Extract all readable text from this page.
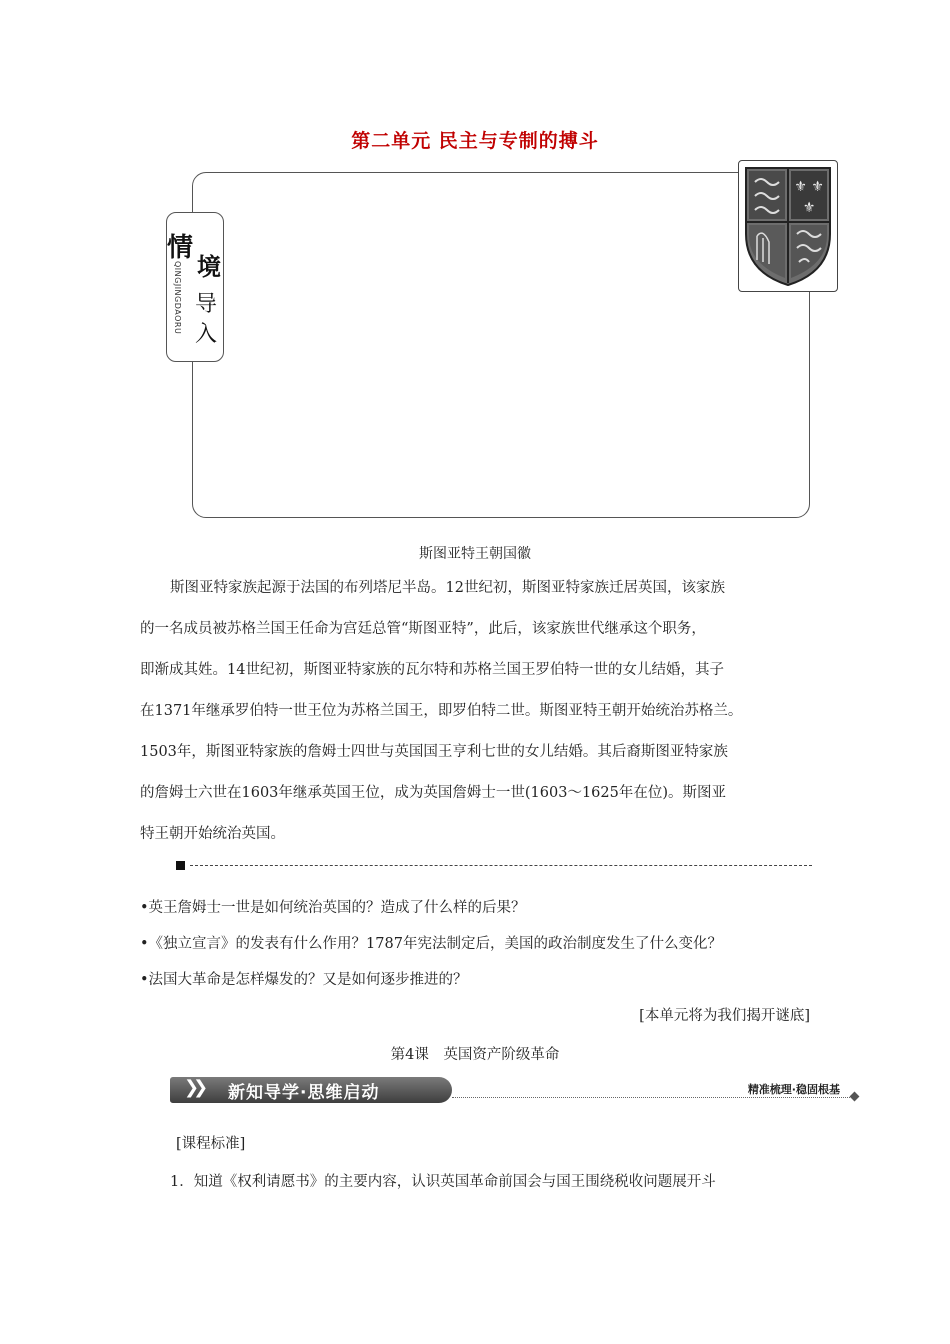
第二单元 民主与专制的搏斗
情
境
导
入
QINGJINGDAORU
⚜ ⚜
⚜
斯图亚特王朝国徽
斯图亚特家族起源于法国的布列塔尼半岛。12世纪初，斯图亚特家族迁居英国，该家族
的一名成员被苏格兰国王任命为宫廷总管“斯图亚特”，此后，该家族世代继承这个职务，
即渐成其姓。14世纪初，斯图亚特家族的瓦尔特和苏格兰国王罗伯特一世的女儿结婚，其子
在1371年继承罗伯特一世王位为苏格兰国王，即罗伯特二世。斯图亚特王朝开始统治苏格兰。
1503年，斯图亚特家族的詹姆士四世与英国国王亨利七世的女儿结婚。其后裔斯图亚特家族
的詹姆士六世在1603年继承英国王位，成为英国詹姆士一世(1603～1625年在位)。斯图亚
特王朝开始统治英国。
•英王詹姆士一世是如何统治英国的？造成了什么样的后果？
•《独立宣言》的发表有什么作用？1787年宪法制定后，美国的政治制度发生了什么变化？
•法国大革命是怎样爆发的？又是如何逐步推进的？
[本单元将为我们揭开谜底]
第4课　英国资产阶级革命
❯❯ 新知导学·思维启动	精准梳理·稳固根基
[课程标准]
1．知道《权利请愿书》的主要内容，认识英国革命前国会与国王围绕税收问题展开斗
